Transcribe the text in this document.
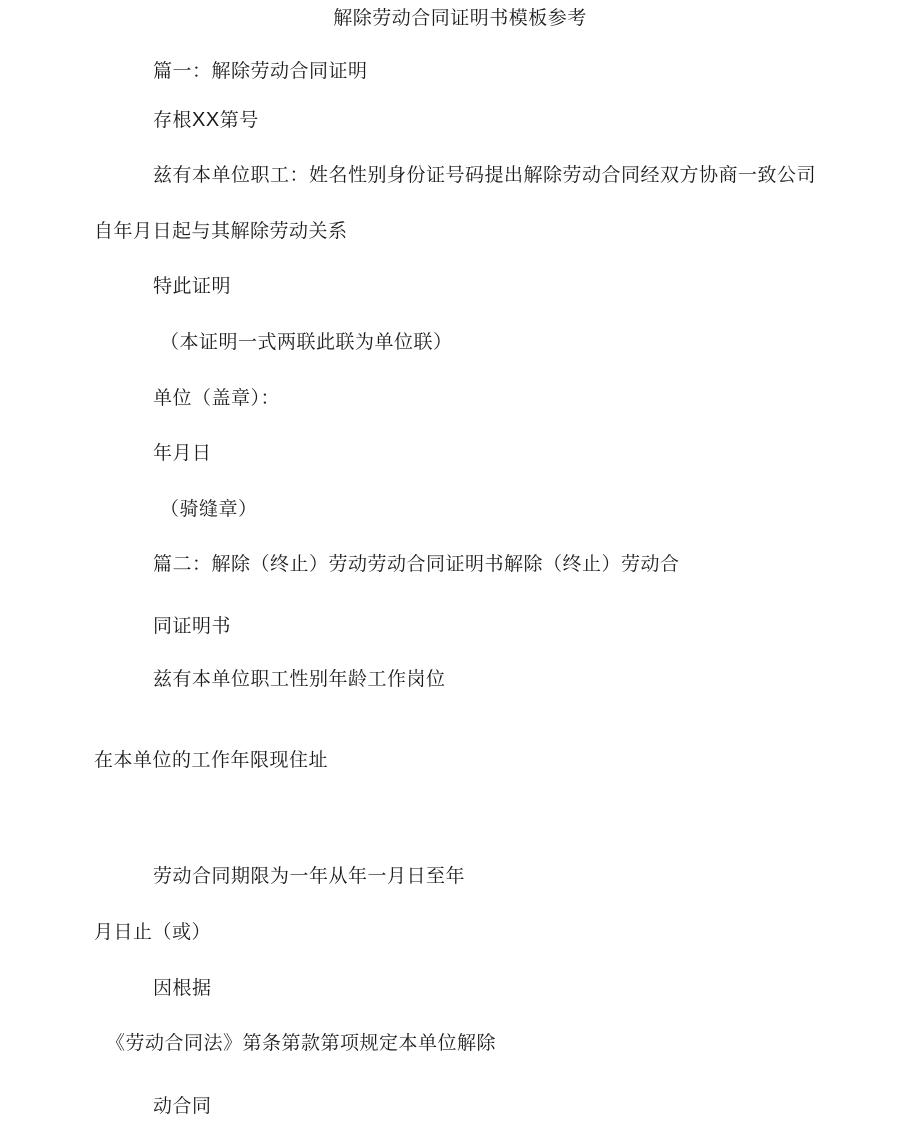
解除劳动合同证明书模板参考
篇一：解除劳动合同证明
存根XX第号
兹有本单位职工：姓名性别身份证号码提出解除劳动合同经双方协商一致公司
自年月日起与其解除劳动关系
特此证明
（本证明一式两联此联为单位联）
单位（盖章）：
年月日
（骑缝章）
篇二：解除（终止）劳动劳动合同证明书解除（终止）劳动合
同证明书
兹有本单位职工性别年龄工作岗位
在本单位的工作年限现住址
劳动合同期限为一年从年一月日至年
月日止（或）
因根据
《劳动合同法》第条第款第项规定本单位解除
动合同
